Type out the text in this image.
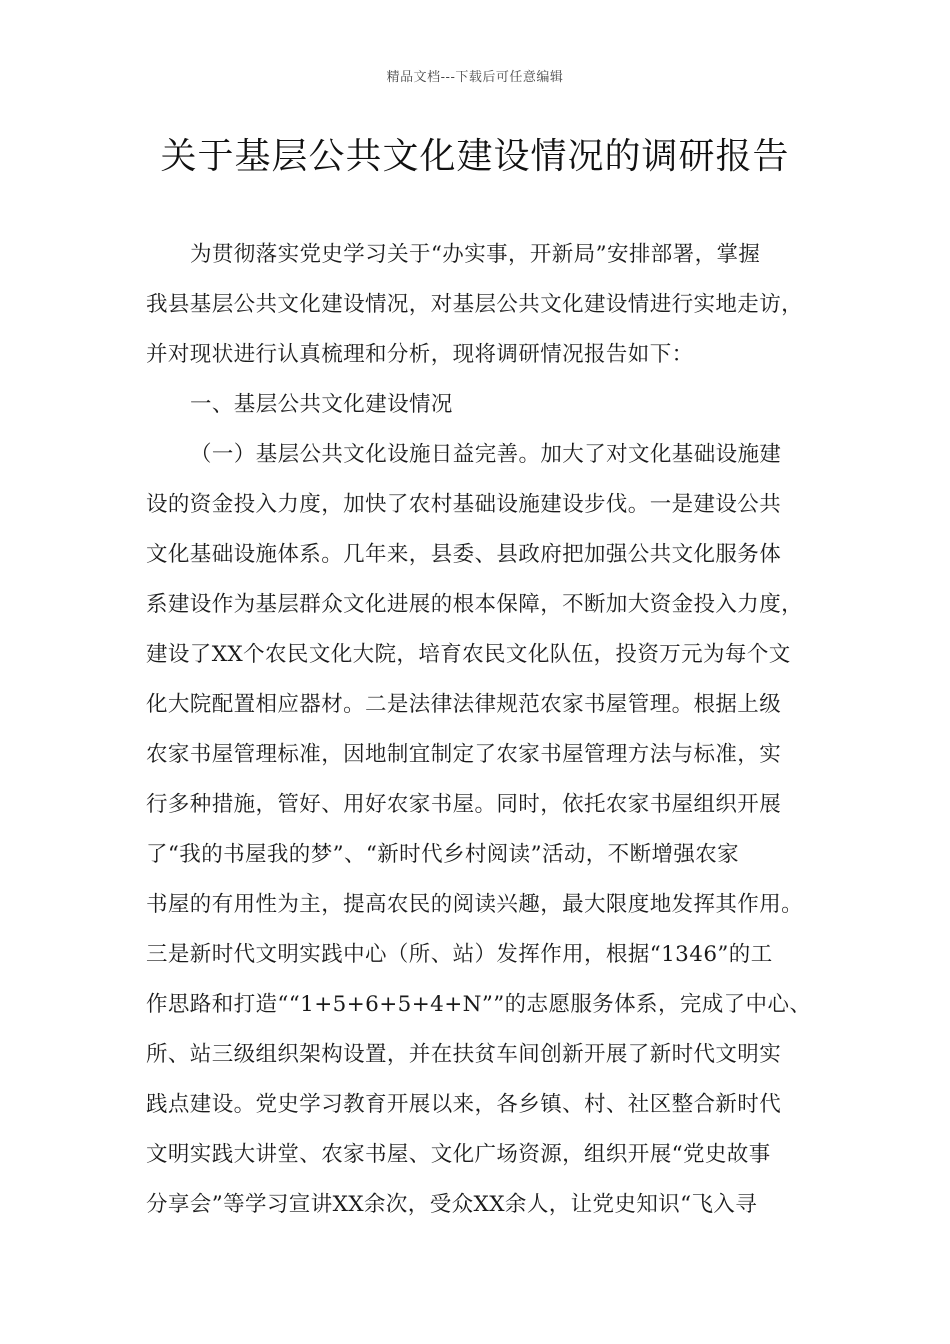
精品文档---下载后可任意编辑
关于基层公共文化建设情况的调研报告
为贯彻落实党史学习关于“办实事，开新局”安排部署，掌握
我县基层公共文化建设情况，对基层公共文化建设情进行实地走访，
并对现状进行认真梳理和分析，现将调研情况报告如下：
一、基层公共文化建设情况
（一）基层公共文化设施日益完善。加大了对文化基础设施建
设的资金投入力度，加快了农村基础设施建设步伐。一是建设公共
文化基础设施体系。几年来，县委、县政府把加强公共文化服务体
系建设作为基层群众文化进展的根本保障，不断加大资金投入力度，
建设了XX个农民文化大院，培育农民文化队伍，投资万元为每个文
化大院配置相应器材。二是法律法律规范农家书屋管理。根据上级
农家书屋管理标准，因地制宜制定了农家书屋管理方法与标准，实
行多种措施，管好、用好农家书屋。同时，依托农家书屋组织开展
了“我的书屋我的梦”、“新时代乡村阅读”活动，不断增强农家
书屋的有用性为主，提高农民的阅读兴趣，最大限度地发挥其作用。
三是新时代文明实践中心（所、站）发挥作用，根据“1346”的工
作思路和打造““1+5+6+5+4+N””的志愿服务体系，完成了中心、
所、站三级组织架构设置，并在扶贫车间创新开展了新时代文明实
践点建设。党史学习教育开展以来，各乡镇、村、社区整合新时代
文明实践大讲堂、农家书屋、文化广场资源，组织开展“党史故事
分享会”等学习宣讲XX余次，受众XX余人，让党史知识“飞入寻
